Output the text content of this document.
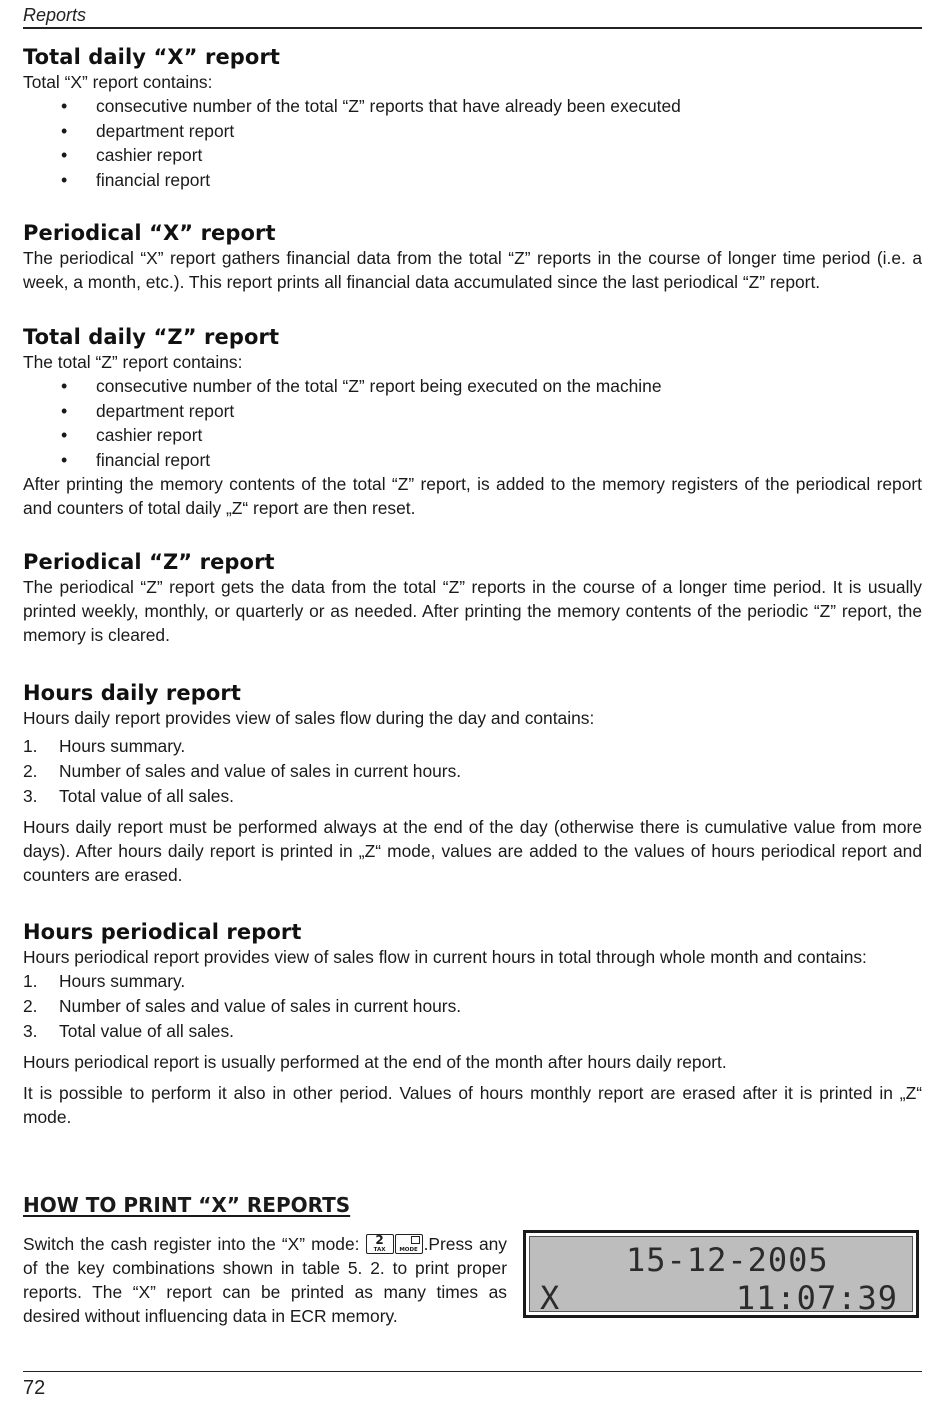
Reports
Total daily “X” report

Total “X” report contains:

• consecutive number of the total “Z” reports that have already been executed
• department report
• cashier report
• financial report
Periodical “X” report

The periodical “X” report gathers financial data from the total “Z” reports in the course of longer time period (i.e. a week, a month, etc.). This report prints all financial data accumulated since the last periodical “Z” report.

Total daily “Z” report

The total “Z” report contains:

• consecutive number of the total “Z” report being executed on the machine
• department report
• cashier report
• financial report

After printing the memory contents of the total “Z” report, is added to the memory registers of the periodical report and counters of total daily „Z“ report are then reset.

Periodical “Z” report

The periodical “Z” report gets the data from the total “Z” reports in the course of a longer time period. It is usually printed weekly, monthly, or quarterly or as needed. After printing the memory contents of the periodic “Z” report, the memory is cleared.

Hours daily report

Hours daily report provides view of sales flow during the day and contains:

1. Hours summary.
2. Number of sales and value of sales in current hours.
3. Total value of all sales.

Hours daily report must be performed always at the end of the day (otherwise there is cumulative value from more days). After hours daily report is printed in „Z“ mode, values are added to the values of hours periodical report and counters are erased.

Hours periodical report

Hours periodical report provides view of sales flow in current hours in total through whole month and contains:

1. Hours summary.
2. Number of sales and value of sales in current hours.
3. Total value of all sales.

Hours periodical report is usually performed at the end of the month after hours daily report.

It is possible to perform it also in other period. Values of hours monthly report are erased after it is printed in „Z“ mode.

HOW TO PRINT “X” REPORTS
Switch the cash register into the “X” mode: 2
TAX	MODE .Press any of the key combinations shown in table 5. 2. to print proper reports. The “X” report can be printed as many times as desired without influencing data in ECR memory.
15-12-2005
X	11:07:39
72
